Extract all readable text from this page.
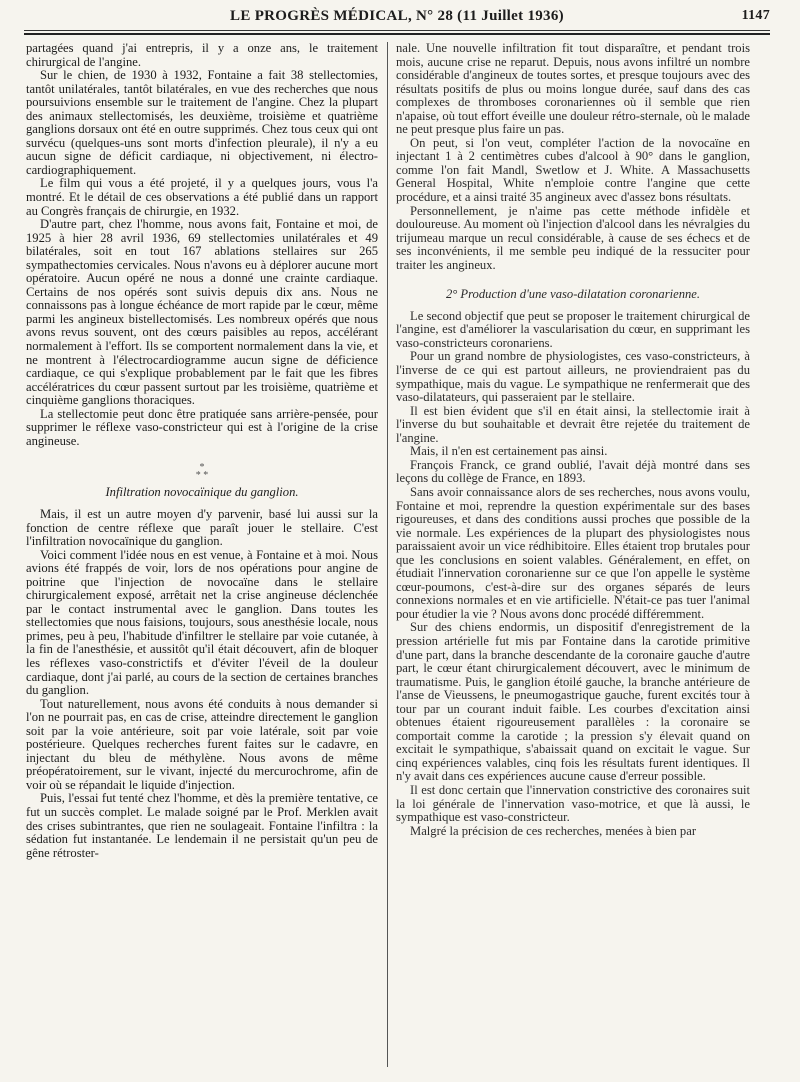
LE PROGRÈS MÉDICAL, N° 28 (11 Juillet 1936)	1147

partagées quand j'ai entrepris, il y a onze ans, le traitement chirurgical de l'angine.

Sur le chien, de 1930 à 1932, Fontaine a fait 38 stellectomies, tantôt unilatérales, tantôt bilatérales, en vue des recherches que nous poursuivions ensemble sur le traitement de l'angine. Chez la plupart des animaux stellectomisés, les deuxième, troisième et quatrième ganglions dorsaux ont été en outre supprimés. Chez tous ceux qui ont survécu (quelques-uns sont morts d'infection pleurale), il n'y a eu aucun signe de déficit cardiaque, ni objectivement, ni électro-cardiographiquement.

Le film qui vous a été projeté, il y a quelques jours, vous l'a montré. Et le détail de ces observations a été publié dans un rapport au Congrès français de chirurgie, en 1932.

D'autre part, chez l'homme, nous avons fait, Fontaine et moi, de 1925 à hier 28 avril 1936, 69 stellectomies unilatérales et 49 bilatérales, soit en tout 167 ablations stellaires sur 265 sympathectomies cervicales. Nous n'avons eu à déplorer aucune mort opératoire. Aucun opéré ne nous a donné une crainte cardiaque. Certains de nos opérés sont suivis depuis dix ans. Nous ne connaissons pas à longue échéance de mort rapide par le cœur, même parmi les angineux bistellectomisés. Les nombreux opérés que nous avons revus souvent, ont des cœurs paisibles au repos, accélérant normalement à l'effort. Ils se comportent normalement dans la vie, et ne montrent à l'électrocardiogramme aucun signe de déficience cardiaque, ce qui s'explique probablement par le fait que les fibres accélératrices du cœur passent surtout par les troisième, quatrième et cinquième ganglions thoraciques.

La stellectomie peut donc être pratiquée sans arrière-pensée, pour supprimer le réflexe vaso-constricteur qui est à l'origine de la crise angineuse.

*
* *
Infiltration novocaïnique du ganglion.

Mais, il est un autre moyen d'y parvenir, basé lui aussi sur la fonction de centre réflexe que paraît jouer le stellaire. C'est l'infiltration novocaïnique du ganglion.

Voici comment l'idée nous en est venue, à Fontaine et à moi. Nous avions été frappés de voir, lors de nos opérations pour angine de poitrine que l'injection de novocaïne dans le stellaire chirurgicalement exposé, arrêtait net la crise angineuse déclenchée par le contact instrumental avec le ganglion. Dans toutes les stellectomies que nous faisions, toujours, sous anesthésie locale, nous primes, peu à peu, l'habitude d'infiltrer le stellaire par voie cutanée, à la fin de l'anesthésie, et aussitôt qu'il était découvert, afin de bloquer les réflexes vaso-constrictifs et d'éviter l'éveil de la douleur cardiaque, dont j'ai parlé, au cours de la section de certaines branches du ganglion.

Tout naturellement, nous avons été conduits à nous demander si l'on ne pourrait pas, en cas de crise, atteindre directement le ganglion soit par la voie antérieure, soit par voie latérale, soit par voie postérieure. Quelques recherches furent faites sur le cadavre, en injectant du bleu de méthylène. Nous avons de même préopératoirement, sur le vivant, injecté du mercurochrome, afin de voir où se répandait le liquide d'injection.

Puis, l'essai fut tenté chez l'homme, et dès la première tentative, ce fut un succès complet. Le malade soigné par le Prof. Merklen avait des crises subintrantes, que rien ne soulageait. Fontaine l'infiltra : la sédation fut instantanée. Le lendemain il ne persistait qu'un peu de gêne rétroster-

nale. Une nouvelle infiltration fit tout disparaître, et pendant trois mois, aucune crise ne reparut. Depuis, nous avons infiltré un nombre considérable d'angineux de toutes sortes, et presque toujours avec des résultats positifs de plus ou moins longue durée, sauf dans des cas complexes de thromboses coronariennes où il semble que rien n'apaise, où tout effort éveille une douleur rétro-sternale, où le malade ne peut presque plus faire un pas.

On peut, si l'on veut, compléter l'action de la novocaïne en injectant 1 à 2 centimètres cubes d'alcool à 90° dans le ganglion, comme l'on fait Mandl, Swetlow et J. White. A Massachusetts General Hospital, White n'emploie contre l'angine que cette procédure, et a ainsi traité 35 angineux avec d'assez bons résultats.

Personnellement, je n'aime pas cette méthode infidèle et douloureuse. Au moment où l'injection d'alcool dans les névralgies du trijumeau marque un recul considérable, à cause de ses échecs et de ses inconvénients, il me semble peu indiqué de la ressuciter pour traiter les angineux.

2° Production d'une vaso-dilatation coronarienne.

Le second objectif que peut se proposer le traitement chirurgical de l'angine, est d'améliorer la vascularisation du cœur, en supprimant les vaso-constricteurs coronariens.

Pour un grand nombre de physiologistes, ces vaso-constricteurs, à l'inverse de ce qui est partout ailleurs, ne proviendraient pas du sympathique, mais du vague. Le sympathique ne renfermerait que des vaso-dilatateurs, qui passeraient par le stellaire.

Il est bien évident que s'il en était ainsi, la stellectomie irait à l'inverse du but souhaitable et devrait être rejetée du traitement de l'angine.

Mais, il n'en est certainement pas ainsi.

François Franck, ce grand oublié, l'avait déjà montré dans ses leçons du collège de France, en 1893.

Sans avoir connaissance alors de ses recherches, nous avons voulu, Fontaine et moi, reprendre la question expérimentale sur des bases rigoureuses, et dans des conditions aussi proches que possible de la vie normale. Les expériences de la plupart des physiologistes nous paraissaient avoir un vice rédhibitoire. Elles étaient trop brutales pour que les conclusions en soient valables. Généralement, en effet, on étudiait l'innervation coronarienne sur ce que l'on appelle le système cœur-poumons, c'est-à-dire sur des organes séparés de leurs connexions normales et en vie artificielle. N'était-ce pas tuer l'animal pour étudier la vie ? Nous avons donc procédé différemment.

Sur des chiens endormis, un dispositif d'enregistrement de la pression artérielle fut mis par Fontaine dans la carotide primitive d'une part, dans la branche descendante de la coronaire gauche d'autre part, le cœur étant chirurgicalement découvert, avec le minimum de traumatisme. Puis, le ganglion étoilé gauche, la branche antérieure de l'anse de Vieussens, le pneumogastrique gauche, furent excités tour à tour par un courant induit faible. Les courbes d'excitation ainsi obtenues étaient rigoureusement parallèles : la coronaire se comportait comme la carotide ; la pression s'y élevait quand on excitait le sympathique, s'abaissait quand on excitait le vague. Sur cinq expériences valables, cinq fois les résultats furent identiques. Il n'y avait dans ces expériences aucune cause d'erreur possible.

Il est donc certain que l'innervation constrictive des coronaires suit la loi générale de l'innervation vaso-motrice, et que là aussi, le sympathique est vaso-constricteur.

Malgré la précision de ces recherches, menées à bien par
